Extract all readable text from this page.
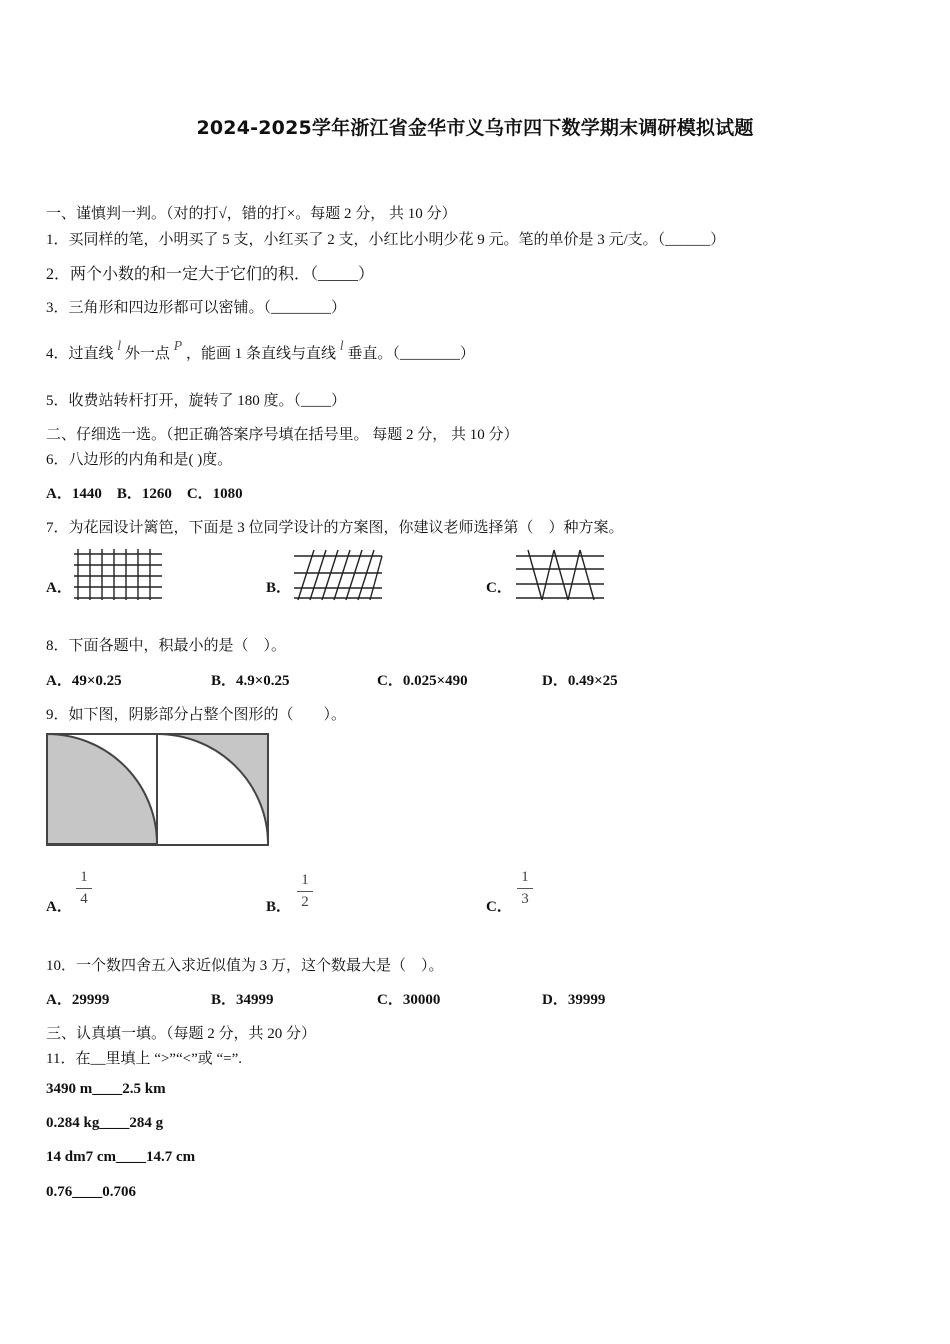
2024-2025学年浙江省金华市义乌市四下数学期末调研模拟试题
一、谨慎判一判。（对的打√，错的打×。每题 2 分， 共 10 分）
1．买同样的笔，小明买了 5 支，小红买了 2 支，小红比小明少花 9 元。笔的单价是 3 元/支。（______）
2．两个小数的和一定大于它们的积．（_____）
3．三角形和四边形都可以密铺。（________）
4．过直线 l 外一点 P ，能画 1 条直线与直线 l 垂直。（________）
5．收费站转杆打开，旋转了 180 度。（____）
二、仔细选一选。（把正确答案序号填在括号里。 每题 2 分， 共 10 分）
6．八边形的内角和是( )度。
A．1440　B．1260　C．1080
7．为花园设计篱笆，下面是 3 位同学设计的方案图，你建议老师选择第（　）种方案。
A．	B．	C．
8．下面各题中，积最小的是（　）。
A．49×0.25	B．4.9×0.25	C．0.025×490	D．0.49×25
9．如下图，阴影部分占整个图形的（　　）。
A．
1
4	B．
1
2	C．
1
3
10．一个数四舍五入求近似值为 3 万，这个数最大是（　）。
A．29999	B．34999	C．30000	D．39999
三、认真填一填。（每题 2 分，共 20 分）
11．在__里填上 “>”“<”或 “=”.
3490 m____2.5 km
0.284 kg____284 g
14 dm7 cm____14.7 cm
0.76____0.706
